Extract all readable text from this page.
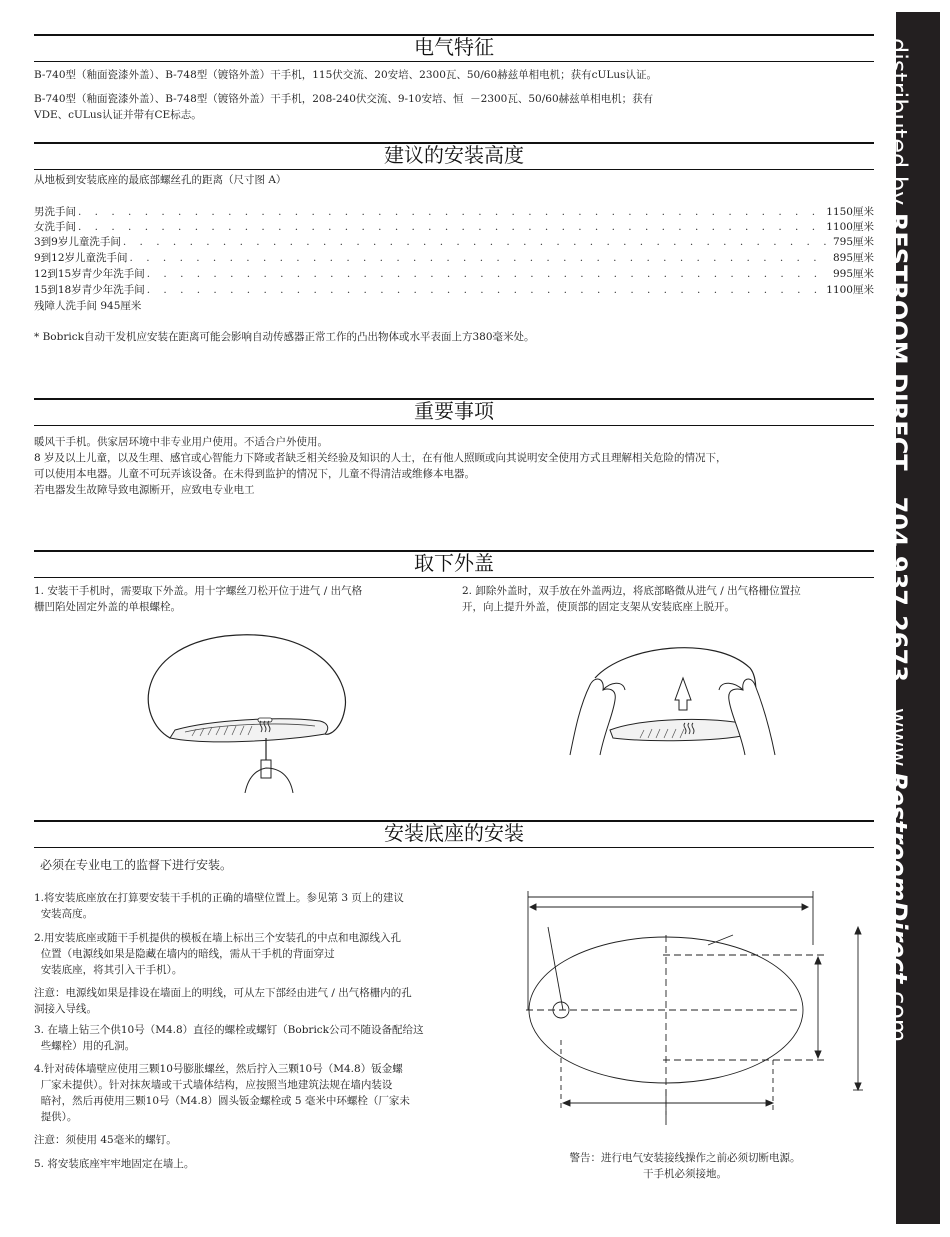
distributed by RESTROOM DIRECT704.937.2673www.RestroomDirect.com
电气特征
B-740型（釉面瓷漆外盖）、B-748型（镀铬外盖）干手机，115伏交流、20安培、2300瓦、50/60赫兹单相电机；获有cULus认证。
B-740型（釉面瓷漆外盖）、B-748型（镀铬外盖）干手机，208-240伏交流、9-10安培、恒  －2300瓦、50/60赫兹单相电机；获有
VDE、cULus认证并带有CE标志。
建议的安装高度
从地板到安装底座的最底部螺丝孔的距离（尺寸图 A）
男洗手间 . . .	1150厘米
女洗手间 . . .	1100厘米
3到9岁儿童洗手间 . . .	795厘米
9到12岁儿童洗手间 . . .	895厘米
12到15岁青少年洗手间 . . .	995厘米
15到18岁青少年洗手间 . . .	1100厘米
残障人洗手间 945厘米
* Bobrick自动干发机应安装在距离可能会影响自动传感器正常工作的凸出物体或水平表面上方380毫米处。
重要事项
暖风干手机。供家居环境中非专业用户使用。不适合户外使用。
8 岁及以上儿童，以及生理、感官或心智能力下降或者缺乏相关经验及知识的人士，在有他人照顾或向其说明安全使用方式且理解相关危险的情况下，
可以使用本电器。儿童不可玩弄该设备。在未得到监护的情况下，儿童不得清洁或维修本电器。
若电器发生故障导致电源断开，应致电专业电工
取下外盖
1. 安装干手机时，需要取下外盖。用十字螺丝刀松开位于进气 / 出气格
栅凹陷处固定外盖的单根螺栓。
2. 卸除外盖时，双手放在外盖两边，将底部略微从进气 / 出气格栅位置拉
开，向上提升外盖，使顶部的固定支架从安装底座上脱开。
安装底座的安装
必须在专业电工的监督下进行安装。
1.将安装底座放在打算要安装干手机的正确的墙壁位置上。参见第 3 页上的建议
安装高度。
2.用安装底座或随干手机提供的模板在墙上标出三个安装孔的中点和电源线入孔
位置（电源线如果是隐藏在墙内的暗线，需从干手机的背面穿过
安装底座，将其引入干手机）。
注意：电源线如果是排设在墙面上的明线，可从左下部经由进气 / 出气格栅内的孔
洞接入导线。
3. 在墙上钻三个供10号（M4.8）直径的螺栓或螺钉（Bobrick公司不随设备配给这
些螺栓）用的孔洞。
4.针对砖体墙壁应使用三颗10号膨胀螺丝，然后拧入三颗10号（M4.8）钣金螺
厂家未提供）。针对抹灰墙或干式墙体结构，应按照当地建筑法规在墙内装设
暗衬，然后再使用三颗10号（M4.8）圆头钣金螺栓或 5 毫米中环螺栓（厂家未
提供）。
注意：须使用 45毫米的螺钉。
5. 将安装底座牢牢地固定在墙上。	警告：进行电气安装接线操作之前必须切断电源。
干手机必须接地。
